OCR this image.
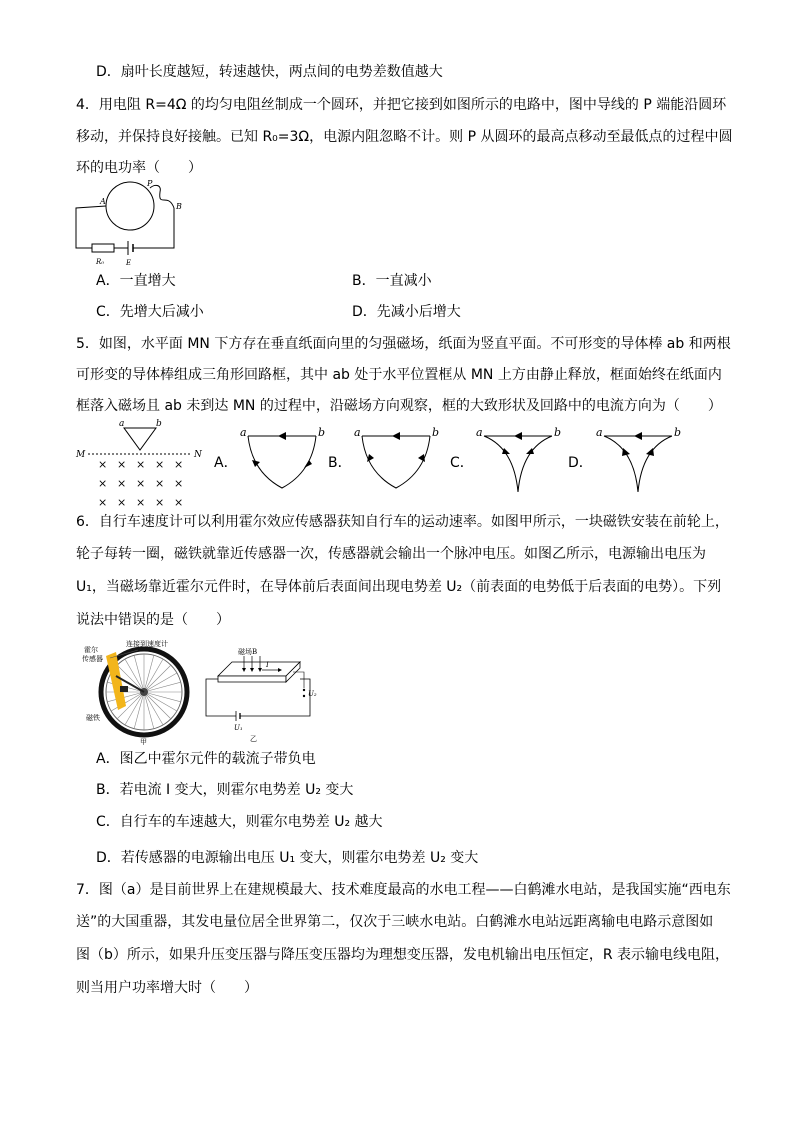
D．扇叶长度越短，转速越快，两点间的电势差数值越大
4．用电阻 R=4Ω 的均匀电阻丝制成一个圆环，并把它接到如图所示的电路中，图中导线的 P 端能沿圆环
移动，并保持良好接触。已知 R₀=3Ω，电源内阻忽略不计。则 P 从圆环的最高点移动至最低点的过程中圆
环的电功率（　　）
A
B
P
R₀	E
A．一直增大	B．一直减小
C．先增大后减小	D．先减小后增大
5．如图，水平面 MN 下方存在垂直纸面向里的匀强磁场，纸面为竖直平面。不可形变的导体棒 ab 和两根
可形变的导体棒组成三角形回路框，其中 ab 处于水平位置框从 MN 上方由静止释放，框面始终在纸面内
框落入磁场且 ab 未到达 MN 的过程中，沿磁场方向观察，框的大致形状及回路中的电流方向为（　　）
a	b
M	N
× × × × ×
× × × × ×
× × × × ×
A．
a	b
B．
a	b
C．
a	b
D．
a	b
6．自行车速度计可以利用霍尔效应传感器获知自行车的运动速率。如图甲所示，一块磁铁安装在前轮上，
轮子每转一圈，磁铁就靠近传感器一次，传感器就会输出一个脉冲电压。如图乙所示，电源输出电压为
U₁，当磁场靠近霍尔元件时，在导体前后表面间出现电势差 U₂（前表面的电势低于后表面的电势）。下列
说法中错误的是（　　）
霍尔
传感器
连接到速度计
磁铁
甲
磁场B
I
U₁
U₂
乙
A．图乙中霍尔元件的载流子带负电
B．若电流 I 变大，则霍尔电势差 U₂ 变大
C．自行车的车速越大，则霍尔电势差 U₂ 越大
D．若传感器的电源输出电压 U₁ 变大，则霍尔电势差 U₂ 变大
7．图（a）是目前世界上在建规模最大、技术难度最高的水电工程——白鹤滩水电站，是我国实施“西电东
送”的大国重器，其发电量位居全世界第二，仅次于三峡水电站。白鹤滩水电站远距离输电电路示意图如
图（b）所示，如果升压变压器与降压变压器均为理想变压器，发电机输出电压恒定，R 表示输电线电阻，
则当用户功率增大时（　　）
